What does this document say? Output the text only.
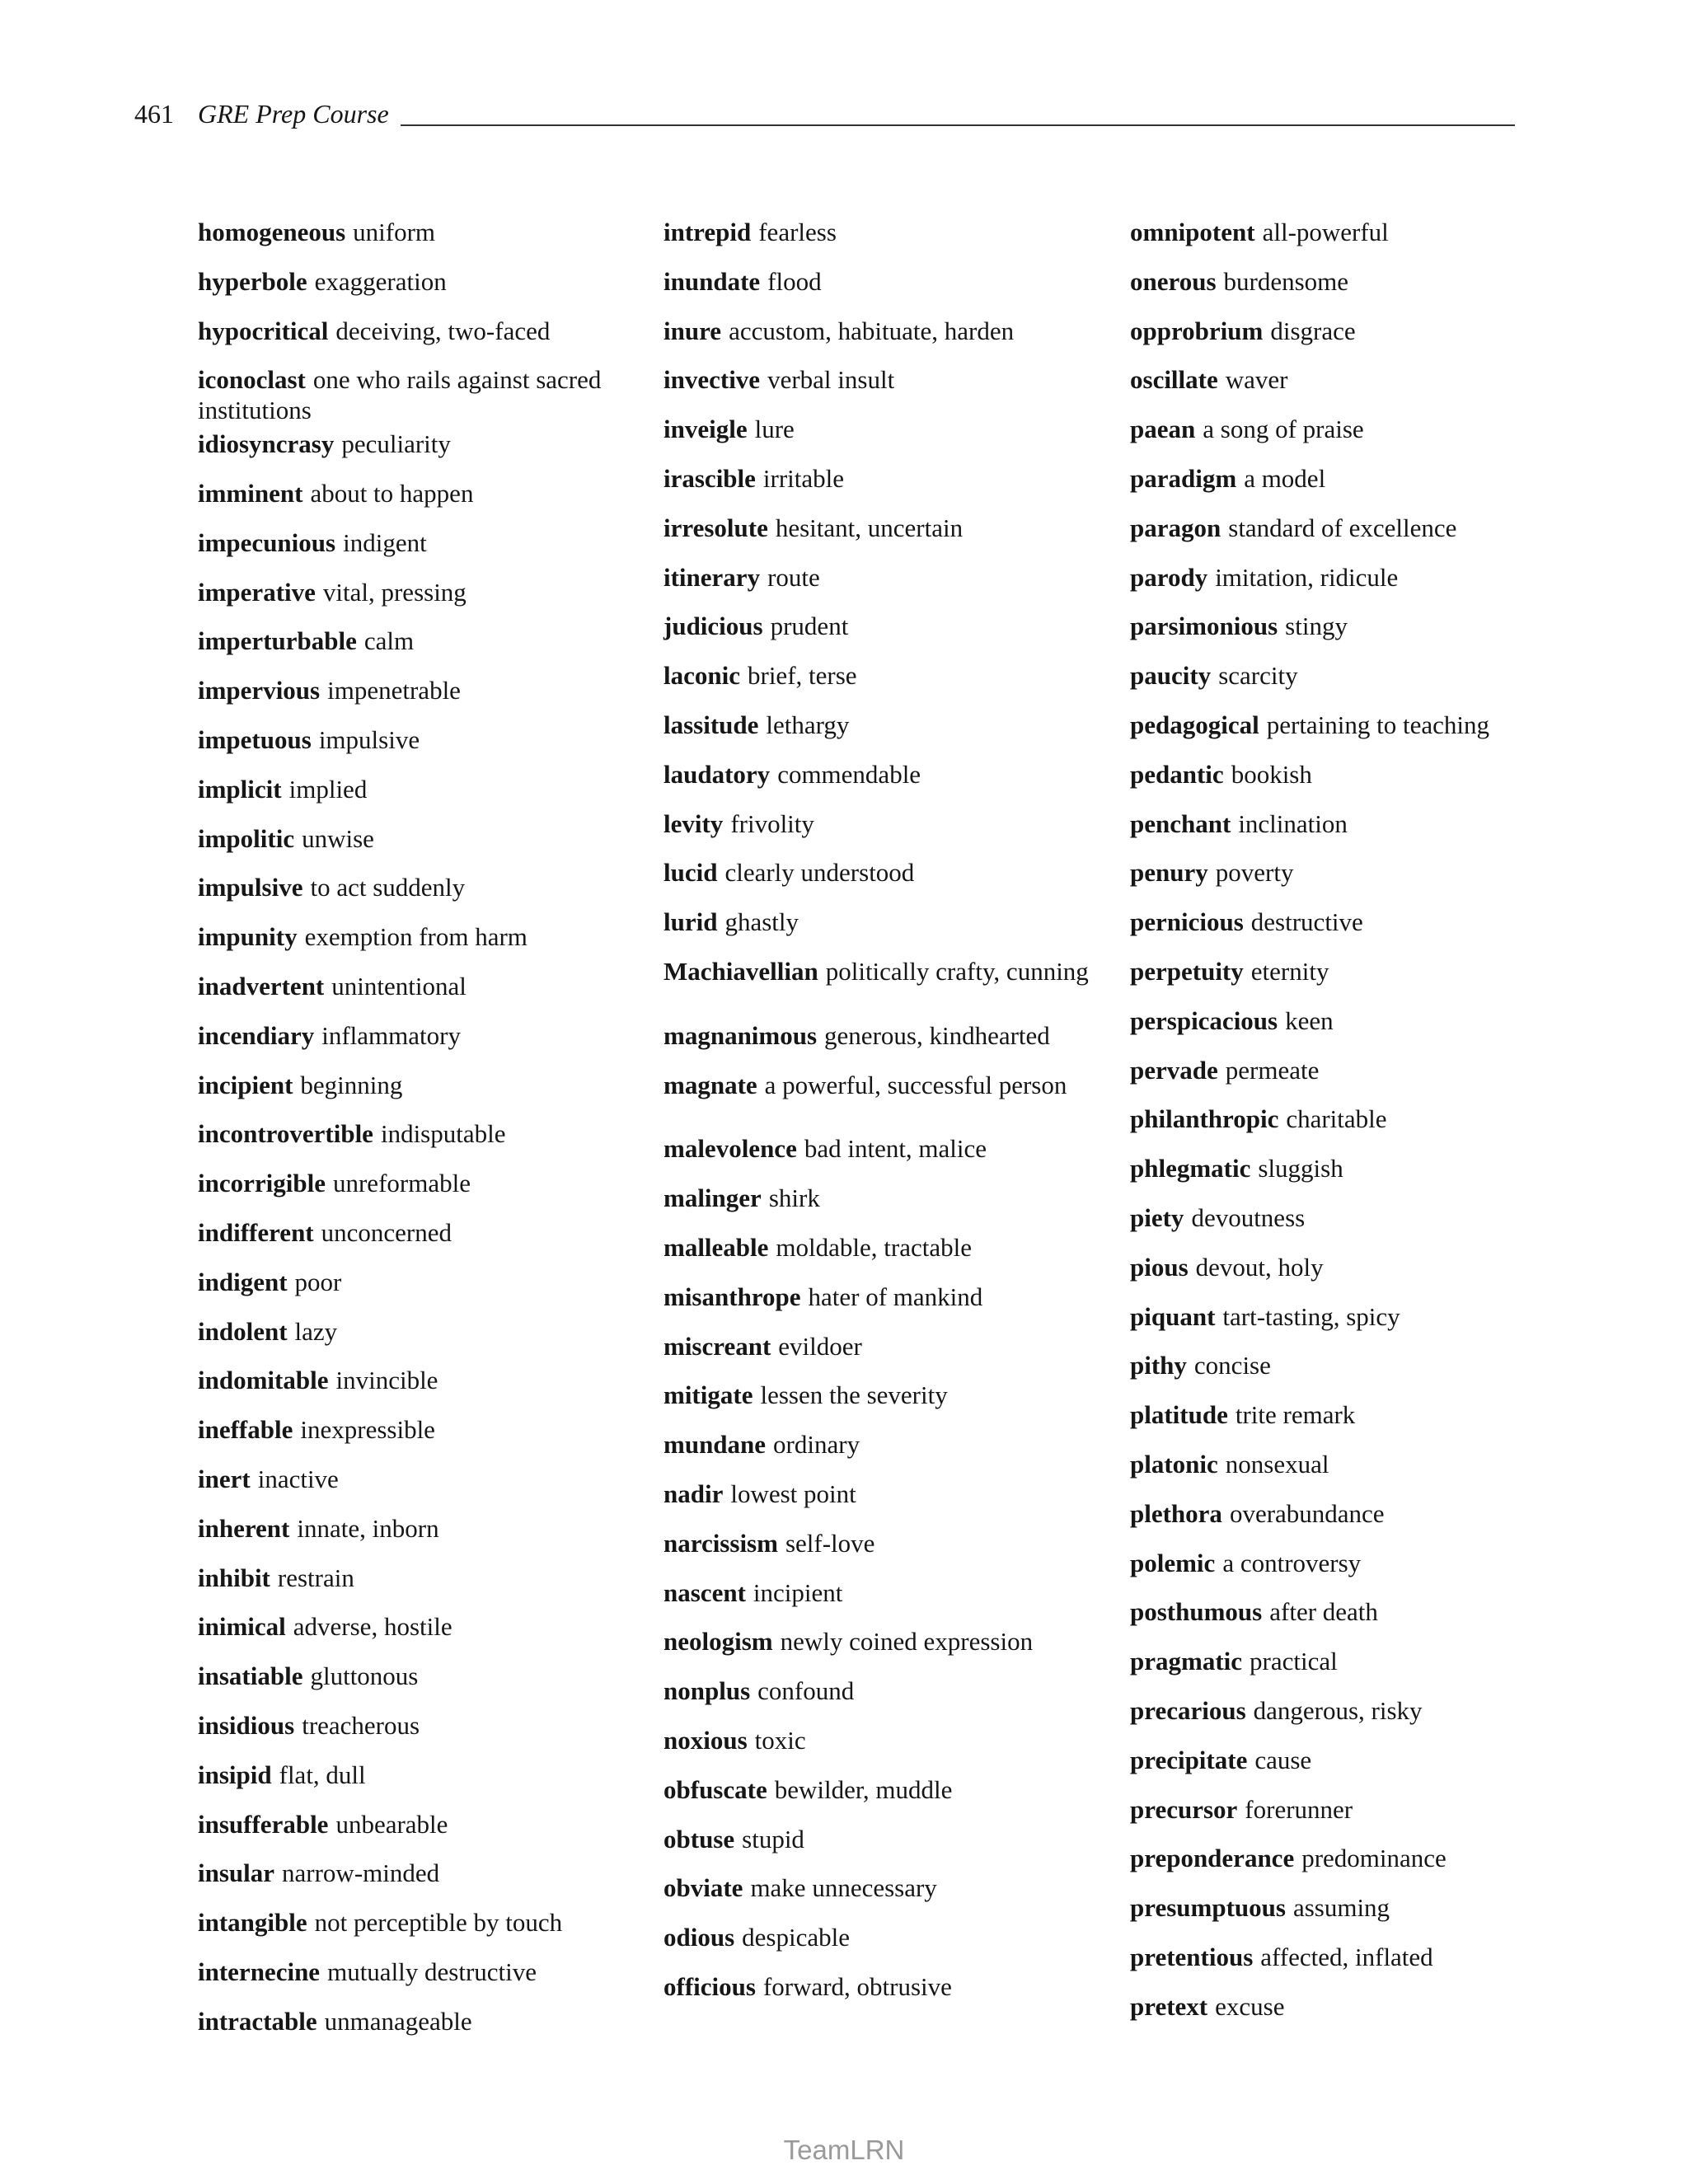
461 GRE Prep Course
homogeneous uniform
hyperbole exaggeration
hypocritical deceiving, two-faced
iconoclast one who rails against sacred institutions
idiosyncrasy peculiarity
imminent about to happen
impecunious indigent
imperative vital, pressing
imperturbable calm
impervious impenetrable
impetuous impulsive
implicit implied
impolitic unwise
impulsive to act suddenly
impunity exemption from harm
inadvertent unintentional
incendiary inflammatory
incipient beginning
incontrovertible indisputable
incorrigible unreformable
indifferent unconcerned
indigent poor
indolent lazy
indomitable invincible
ineffable inexpressible
inert inactive
inherent innate, inborn
inhibit restrain
inimical adverse, hostile
insatiable gluttonous
insidious treacherous
insipid flat, dull
insufferable unbearable
insular narrow-minded
intangible not perceptible by touch
internecine mutually destructive
intractable unmanageable
intrepid fearless
inundate flood
inure accustom, habituate, harden
invective verbal insult
inveigle lure
irascible irritable
irresolute hesitant, uncertain
itinerary route
judicious prudent
laconic brief, terse
lassitude lethargy
laudatory commendable
levity frivolity
lucid clearly understood
lurid ghastly
Machiavellian politically crafty, cunning
magnanimous generous, kindhearted
magnate a powerful, successful person
malevolence bad intent, malice
malinger shirk
malleable moldable, tractable
misanthrope hater of mankind
miscreant evildoer
mitigate lessen the severity
mundane ordinary
nadir lowest point
narcissism self-love
nascent incipient
neologism newly coined expression
nonplus confound
noxious toxic
obfuscate bewilder, muddle
obtuse stupid
obviate make unnecessary
odious despicable
officious forward, obtrusive
omnipotent all-powerful
onerous burdensome
opprobrium disgrace
oscillate waver
paean a song of praise
paradigm a model
paragon standard of excellence
parody imitation, ridicule
parsimonious stingy
paucity scarcity
pedagogical pertaining to teaching
pedantic bookish
penchant inclination
penury poverty
pernicious destructive
perpetuity eternity
perspicacious keen
pervade permeate
philanthropic charitable
phlegmatic sluggish
piety devoutness
pious devout, holy
piquant tart-tasting, spicy
pithy concise
platitude trite remark
platonic nonsexual
plethora overabundance
polemic a controversy
posthumous after death
pragmatic practical
precarious dangerous, risky
precipitate cause
precursor forerunner
preponderance predominance
presumptuous assuming
pretentious affected, inflated
pretext excuse
TeamLRN
